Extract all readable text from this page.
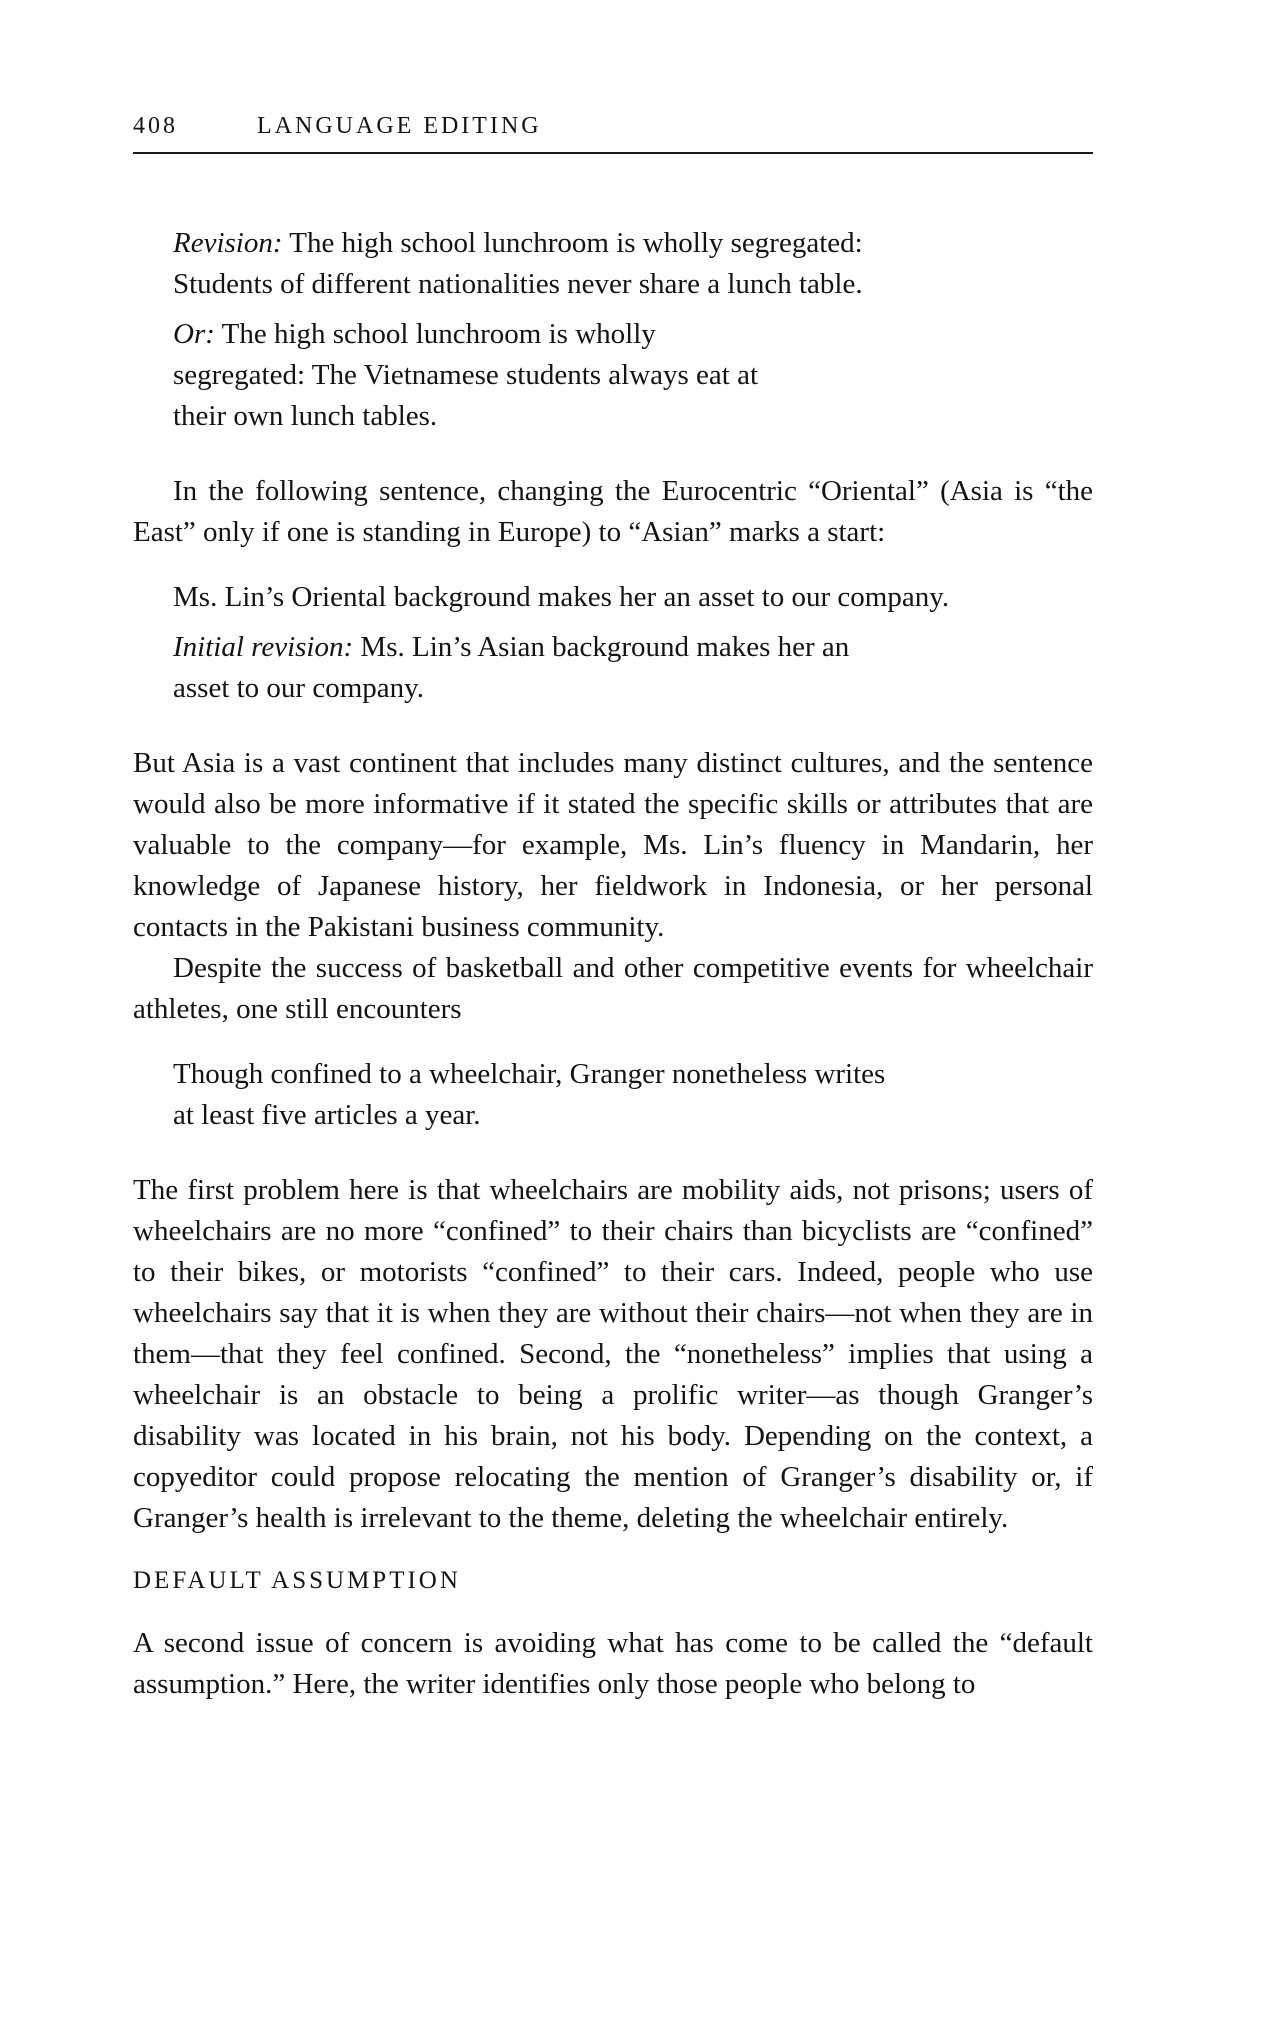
408	LANGUAGE EDITING

Revision: The high school lunchroom is wholly segregated: Students of different nationalities never share a lunch table.

Or: The high school lunchroom is wholly segregated: The Vietnamese students always eat at their own lunch tables.

In the following sentence, changing the Eurocentric “Oriental” (Asia is “the East” only if one is standing in Europe) to “Asian” marks a start:

Ms. Lin’s Oriental background makes her an asset to our company.

Initial revision: Ms. Lin’s Asian background makes her an asset to our company.

But Asia is a vast continent that includes many distinct cultures, and the sentence would also be more informative if it stated the specific skills or attributes that are valuable to the company—for example, Ms. Lin’s fluency in Mandarin, her knowledge of Japanese history, her fieldwork in Indonesia, or her personal contacts in the Pakistani business community.

Despite the success of basketball and other competitive events for wheelchair athletes, one still encounters

Though confined to a wheelchair, Granger nonetheless writes at least five articles a year.

The first problem here is that wheelchairs are mobility aids, not prisons; users of wheelchairs are no more “confined” to their chairs than bicyclists are “confined” to their bikes, or motorists “confined” to their cars. Indeed, people who use wheelchairs say that it is when they are without their chairs—not when they are in them—that they feel confined. Second, the “nonetheless” implies that using a wheelchair is an obstacle to being a prolific writer—as though Granger’s disability was located in his brain, not his body. Depending on the context, a copyeditor could propose relocating the mention of Granger’s disability or, if Granger’s health is irrelevant to the theme, deleting the wheelchair entirely.

DEFAULT ASSUMPTION

A second issue of concern is avoiding what has come to be called the “default assumption.” Here, the writer identifies only those people who belong to
